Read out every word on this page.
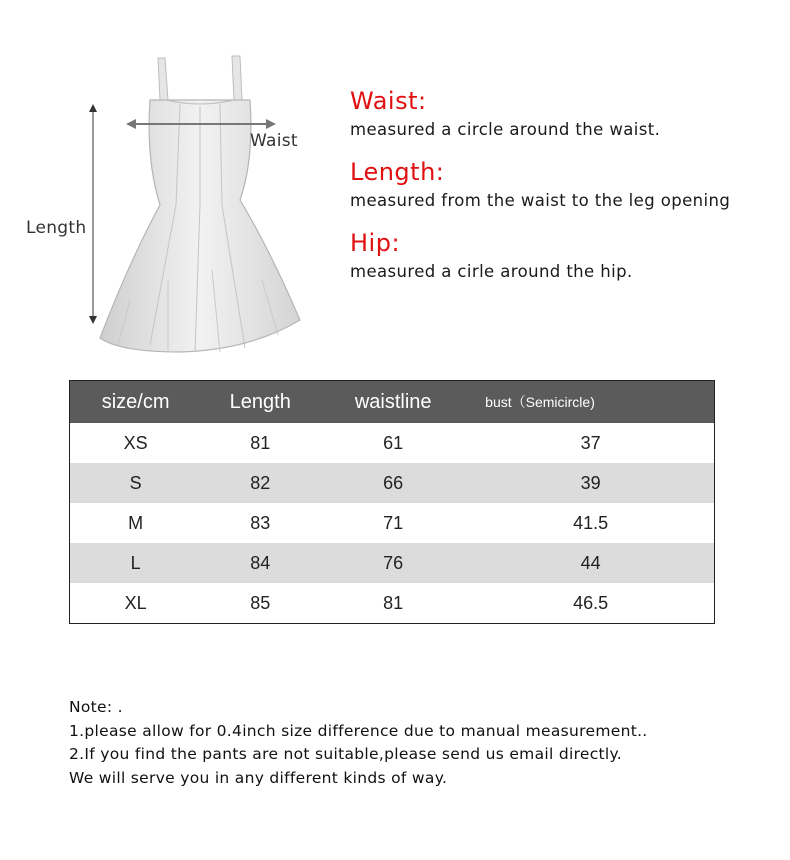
Length
Waist
Waist:
measured a circle around the waist.
Length:
measured from the waist to the leg opening
Hip:
measured a cirle around the hip.
size/cm	Length	waistline	bust（Semicircle)
XS	81	61	37
S	82	66	39
M	83	71	41.5
L	84	76	44
XL	85	81	46.5
Note: .
1.please allow for 0.4inch size difference due to manual measurement..
2.If you find the pants are not suitable,please send us email directly.
We will serve you in any different kinds of way.
